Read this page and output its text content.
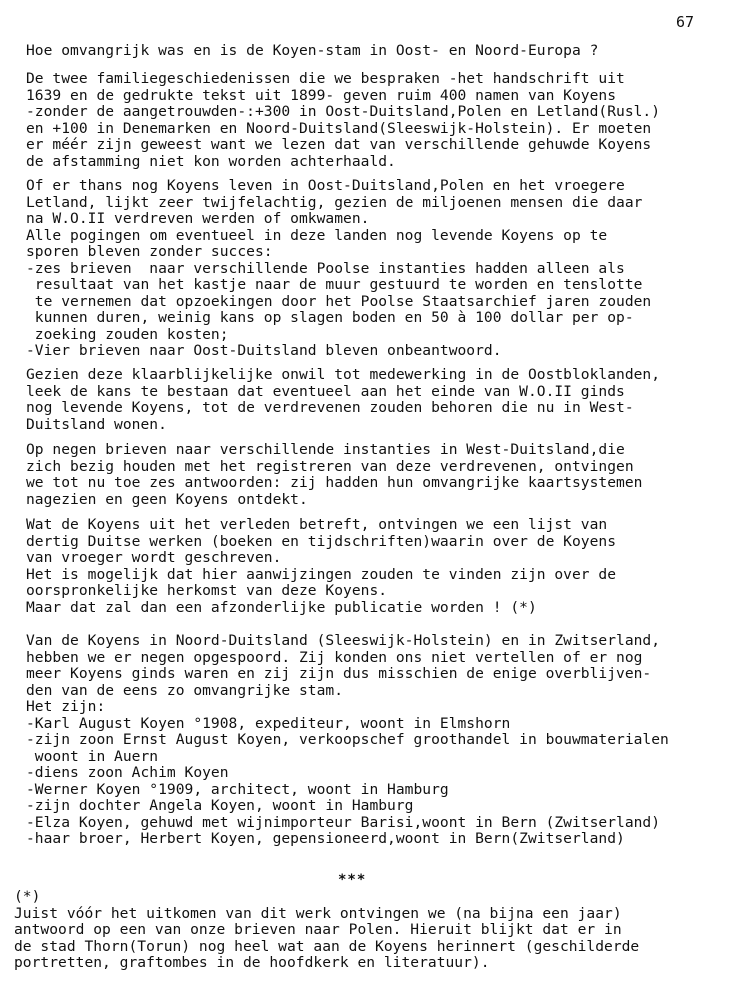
67
Hoe omvangrijk was en is de Koyen-stam in Oost- en Noord-Europa ?
De twee familiegeschiedenissen die we bespraken -het handschrift uit
1639 en de gedrukte tekst uit 1899- geven ruim 400 namen van Koyens
-zonder de aangetrouwden-:+300 in Oost-Duitsland,Polen en Letland(Rusl.)
en +100 in Denemarken en Noord-Duitsland(Sleeswijk-Holstein). Er moeten
er méér zijn geweest want we lezen dat van verschillende gehuwde Koyens
de afstamming niet kon worden achterhaald.
Of er thans nog Koyens leven in Oost-Duitsland,Polen en het vroegere
Letland, lijkt zeer twijfelachtig, gezien de miljoenen mensen die daar
na W.O.II verdreven werden of omkwamen.
Alle pogingen om eventueel in deze landen nog levende Koyens op te
sporen bleven zonder succes:
-zes brieven  naar verschillende Poolse instanties hadden alleen als
resultaat van het kastje naar de muur gestuurd te worden en tenslotte
te vernemen dat opzoekingen door het Poolse Staatsarchief jaren zouden
kunnen duren, weinig kans op slagen boden en 50 à 100 dollar per op-
zoeking zouden kosten;
-Vier brieven naar Oost-Duitsland bleven onbeantwoord.
Gezien deze klaarblijkelijke onwil tot medewerking in de Oostbloklanden,
leek de kans te bestaan dat eventueel aan het einde van W.O.II ginds
nog levende Koyens, tot de verdrevenen zouden behoren die nu in West-
Duitsland wonen.
Op negen brieven naar verschillende instanties in West-Duitsland,die
zich bezig houden met het registreren van deze verdrevenen, ontvingen
we tot nu toe zes antwoorden: zij hadden hun omvangrijke kaartsystemen
nagezien en geen Koyens ontdekt.
Wat de Koyens uit het verleden betreft, ontvingen we een lijst van
dertig Duitse werken (boeken en tijdschriften)waarin over de Koyens
van vroeger wordt geschreven.
Het is mogelijk dat hier aanwijzingen zouden te vinden zijn over de
oorspronkelijke herkomst van deze Koyens.
Maar dat zal dan een afzonderlijke publicatie worden ! (*)
Van de Koyens in Noord-Duitsland (Sleeswijk-Holstein) en in Zwitserland,
hebben we er negen opgespoord. Zij konden ons niet vertellen of er nog
meer Koyens ginds waren en zij zijn dus misschien de enige overblijven-
den van de eens zo omvangrijke stam.
Het zijn:
-Karl August Koyen °1908, expediteur, woont in Elmshorn
-zijn zoon Ernst August Koyen, verkoopschef groothandel in bouwmaterialen
woont in Auern
-diens zoon Achim Koyen
-Werner Koyen °1909, architect, woont in Hamburg
-zijn dochter Angela Koyen, woont in Hamburg
-Elza Koyen, gehuwd met wijnimporteur Barisi,woont in Bern (Zwitserland)
-haar broer, Herbert Koyen, gepensioneerd,woont in Bern(Zwitserland)
***
(*)
Juist vóór het uitkomen van dit werk ontvingen we (na bijna een jaar)
antwoord op een van onze brieven naar Polen. Hieruit blijkt dat er in
de stad Thorn(Torun) nog heel wat aan de Koyens herinnert (geschilderde
portretten, graftombes in de hoofdkerk en literatuur).
